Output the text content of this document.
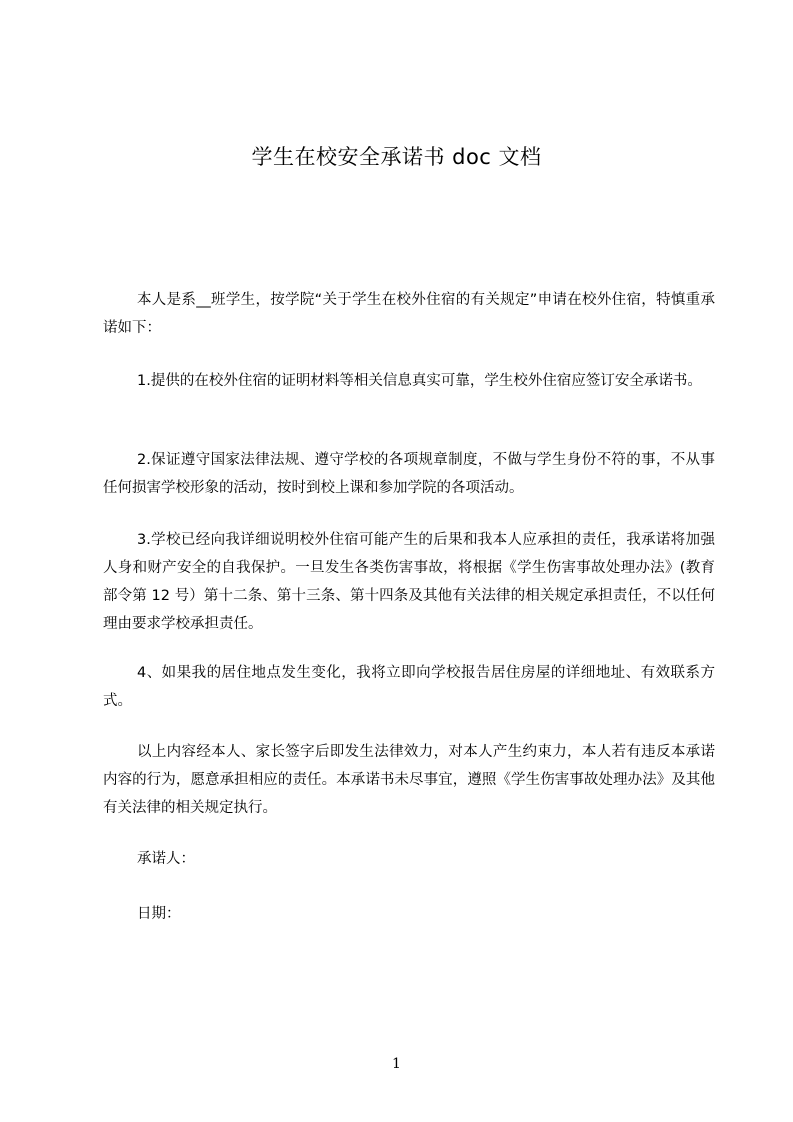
学生在校安全承诺书 doc 文档

本人是系__班学生，按学院“关于学生在校外住宿的有关规定”申请在校外住宿，特慎重承诺如下：

1.提供的在校外住宿的证明材料等相关信息真实可靠，学生校外住宿应签订安全承诺书。

2.保证遵守国家法律法规、遵守学校的各项规章制度，不做与学生身份不符的事，不从事任何损害学校形象的活动，按时到校上课和参加学院的各项活动。

3.学校已经向我详细说明校外住宿可能产生的后果和我本人应承担的责任，我承诺将加强人身和财产安全的自我保护。一旦发生各类伤害事故，将根据《学生伤害事故处理办法》(教育部令第 12 号）第十二条、第十三条、第十四条及其他有关法律的相关规定承担责任，不以任何理由要求学校承担责任。

4、如果我的居住地点发生变化，我将立即向学校报告居住房屋的详细地址、有效联系方式。

以上内容经本人、家长签字后即发生法律效力，对本人产生约束力，本人若有违反本承诺内容的行为，愿意承担相应的责任。本承诺书未尽事宜，遵照《学生伤害事故处理办法》及其他有关法律的相关规定执行。

承诺人：

日期：

1
